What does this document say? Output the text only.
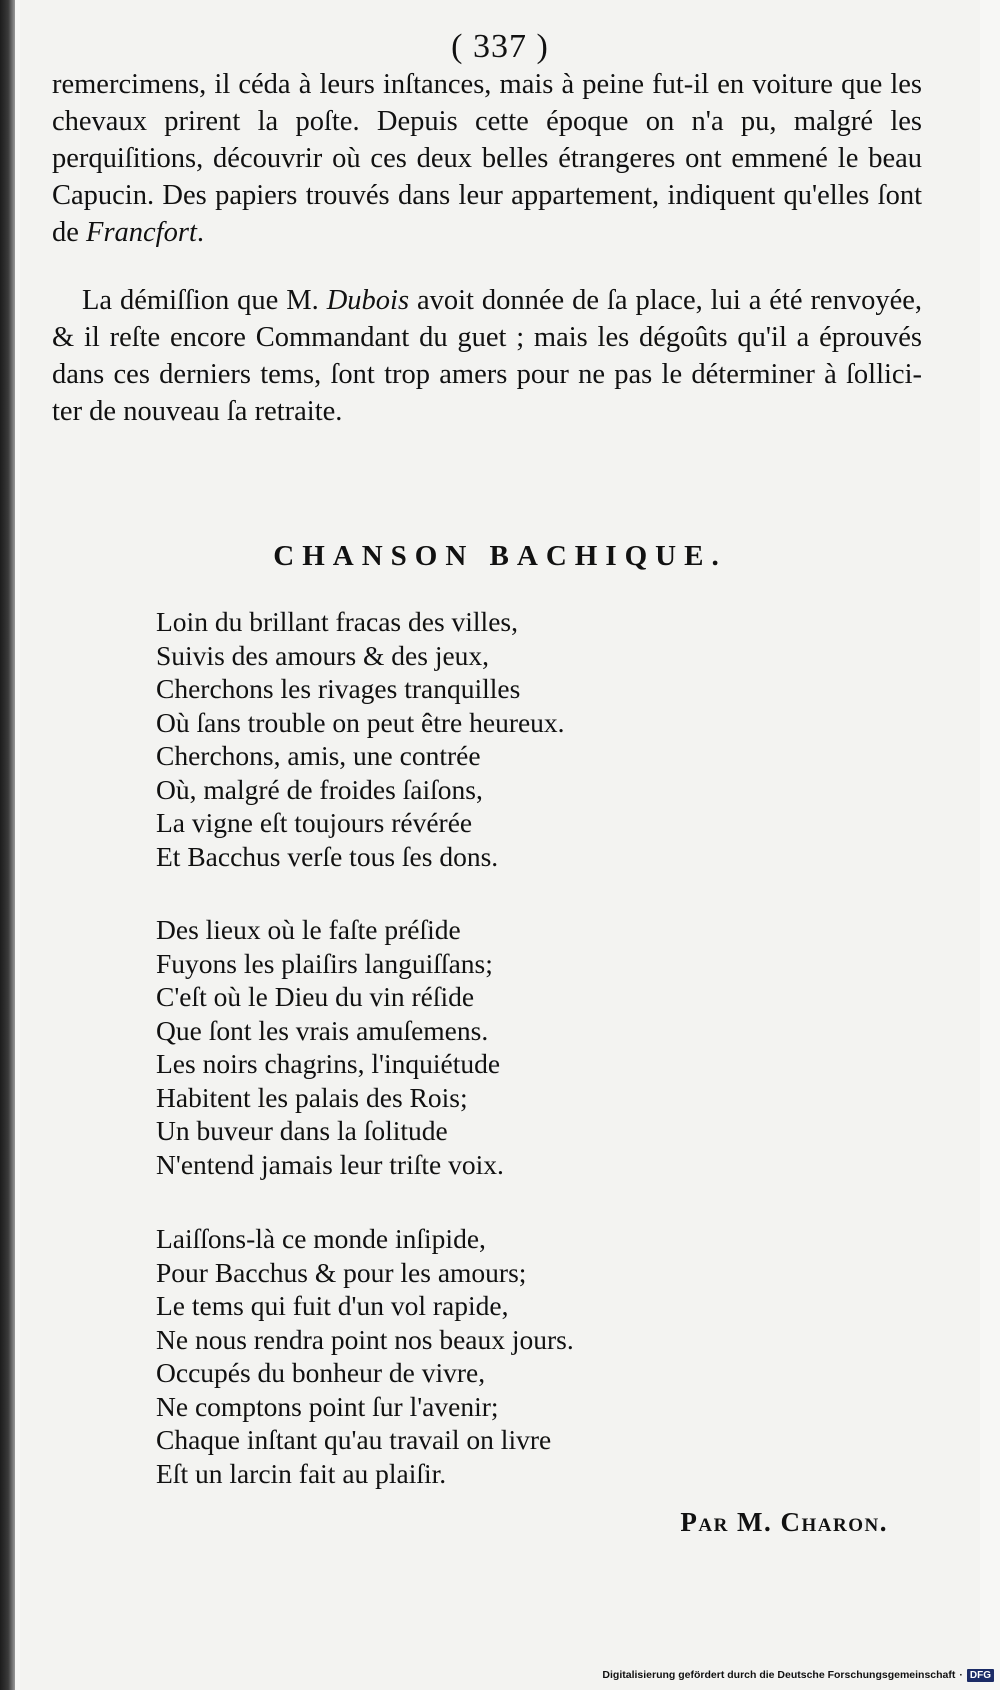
( 337 )

remercimens, il céda à leurs inſtances, mais à peine fut-il en voiture que les chevaux prirent la poſte. Depuis cette époque on n'a pu, malgré les perquiſitions, découvrir où ces deux belles étrangeres ont emmené le beau Capucin. Des papiers trouvés dans leur appartement, indiquent qu'elles ſont de Francfort.

La démiſſion que M. Dubois avoit donnée de ſa place, lui a été renvoyée, & il reſte encore Commandant du guet ; mais les dégoûts qu'il a éprouvés dans ces derniers tems, ſont trop amers pour ne pas le déterminer à ſollici-ter de nouveau ſa retraite.

CHANSON BACHIQUE.
Loin du brillant fracas des villes,
Suivis des amours & des jeux,
Cherchons les rivages tranquilles
Où ſans trouble on peut être heureux.
Cherchons, amis, une contrée
Où, malgré de froides ſaiſons,
La vigne eſt toujours révérée
Et Bacchus verſe tous ſes dons.
Des lieux où le faſte préſide
Fuyons les plaiſirs languiſſans;
C'eſt où le Dieu du vin réſide
Que ſont les vrais amuſemens.
Les noirs chagrins, l'inquiétude
Habitent les palais des Rois;
Un buveur dans la ſolitude
N'entend jamais leur triſte voix.
Laiſſons-là ce monde inſipide,
Pour Bacchus & pour les amours;
Le tems qui fuit d'un vol rapide,
Ne nous rendra point nos beaux jours.
Occupés du bonheur de vivre,
Ne comptons point ſur l'avenir;
Chaque inſtant qu'au travail on livre
Eſt un larcin fait au plaiſir.
Par M. Charon.
Digitalisierung gefördert durch die Deutsche Forschungsgemeinschaft · DFG
